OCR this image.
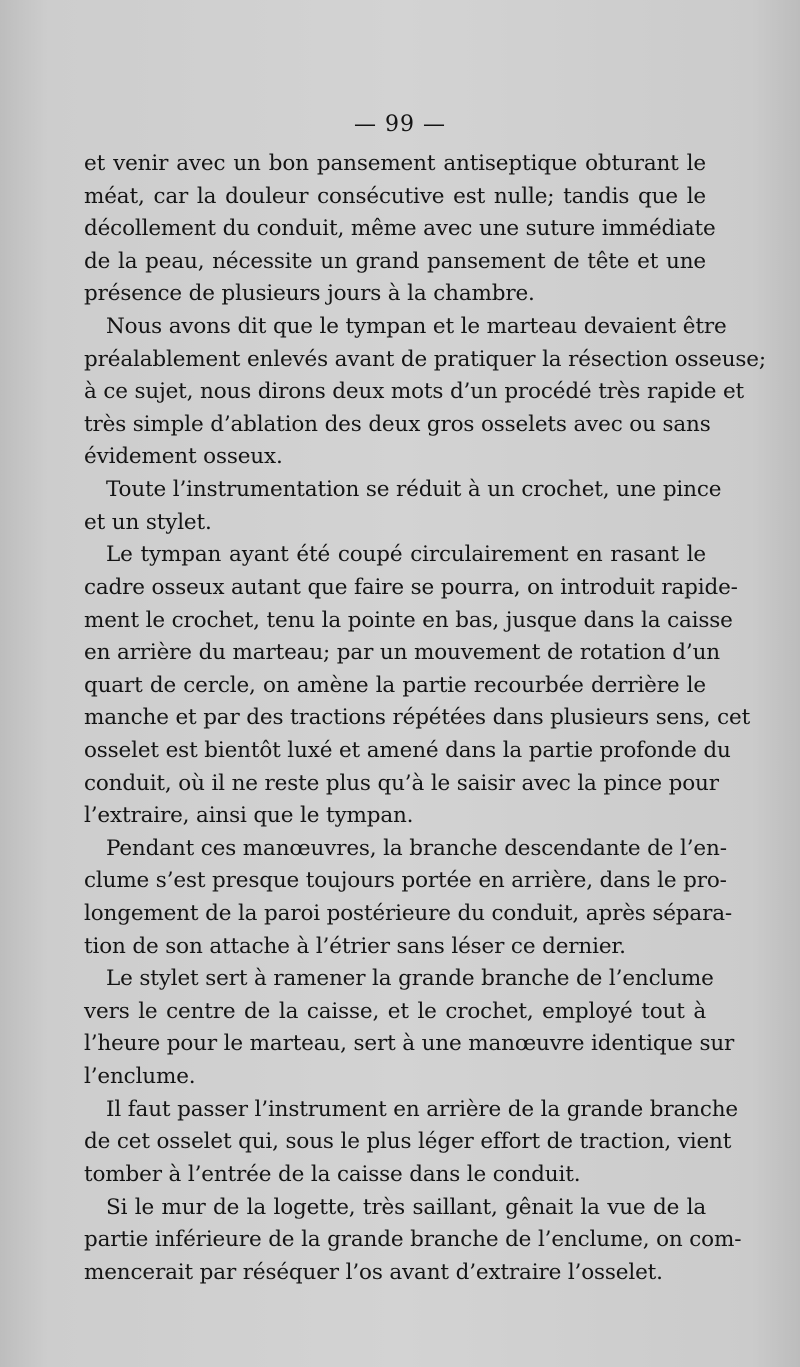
— 99 —
et venir avec un bon pansement antiseptique obturant le
méat, car la douleur consécutive est nulle; tandis que le
décollement du conduit, même avec une suture immédiate
de la peau, nécessite un grand pansement de tête et une
présence de plusieurs jours à la chambre.
Nous avons dit que le tympan et le marteau devaient être
préalablement enlevés avant de pratiquer la résection osseuse;
à ce sujet, nous dirons deux mots d’un procédé très rapide et
très simple d’ablation des deux gros osselets avec ou sans
évidement osseux.
Toute l’instrumentation se réduit à un crochet, une pince
et un stylet.
Le tympan ayant été coupé circulairement en rasant le
cadre osseux autant que faire se pourra, on introduit rapide-
ment le crochet, tenu la pointe en bas, jusque dans la caisse
en arrière du marteau; par un mouvement de rotation d’un
quart de cercle, on amène la partie recourbée derrière le
manche et par des tractions répétées dans plusieurs sens, cet
osselet est bientôt luxé et amené dans la partie profonde du
conduit, où il ne reste plus qu’à le saisir avec la pince pour
l’extraire, ainsi que le tympan.
Pendant ces manœuvres, la branche descendante de l’en-
clume s’est presque toujours portée en arrière, dans le pro-
longement de la paroi postérieure du conduit, après sépara-
tion de son attache à l’étrier sans léser ce dernier.
Le stylet sert à ramener la grande branche de l’enclume
vers le centre de la caisse, et le crochet, employé tout à
l’heure pour le marteau, sert à une manœuvre identique sur
l’enclume.
Il faut passer l’instrument en arrière de la grande branche
de cet osselet qui, sous le plus léger effort de traction, vient
tomber à l’entrée de la caisse dans le conduit.
Si le mur de la logette, très saillant, gênait la vue de la
partie inférieure de la grande branche de l’enclume, on com-
mencerait par réséquer l’os avant d’extraire l’osselet.
